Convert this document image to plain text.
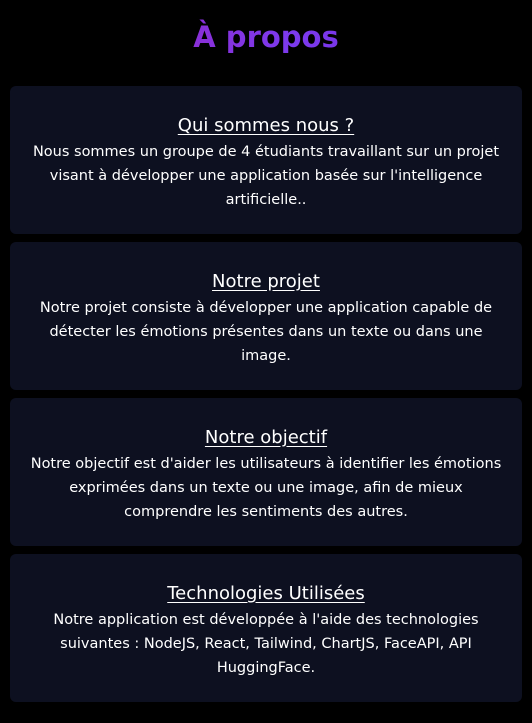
À propos
Qui sommes nous ?

Nous sommes un groupe de 4 étudiants travaillant sur un projet visant à développer une application basée sur l'intelligence artificielle..

Notre projet

Notre projet consiste à développer une application capable de détecter les émotions présentes dans un texte ou dans une image.

Notre objectif

Notre objectif est d'aider les utilisateurs à identifier les émotions exprimées dans un texte ou une image, afin de mieux comprendre les sentiments des autres.

Technologies Utilisées

Notre application est développée à l'aide des technologies suivantes : NodeJS, React, Tailwind, ChartJS, FaceAPI, API HuggingFace.
